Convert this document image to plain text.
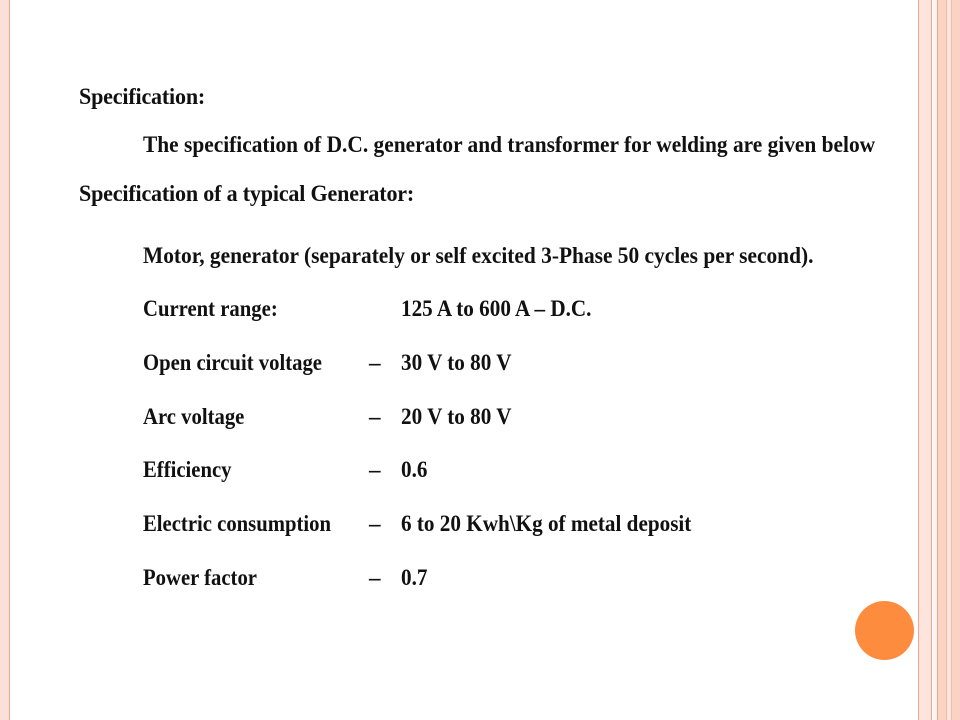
Specification:
The specification of D.C. generator and transformer for welding are given below
Specification of a typical Generator:
Motor, generator (separately or self excited 3-Phase 50 cycles per second).
Current range:	125 A to 600 A – D.C.
Open circuit voltage – 30 V to 80 V
Arc voltage	– 20 V to 80 V
Efficiency	– 0.6
Electric consumption – 6 to 20 Kwh\Kg of metal deposit
Power factor	– 0.7
